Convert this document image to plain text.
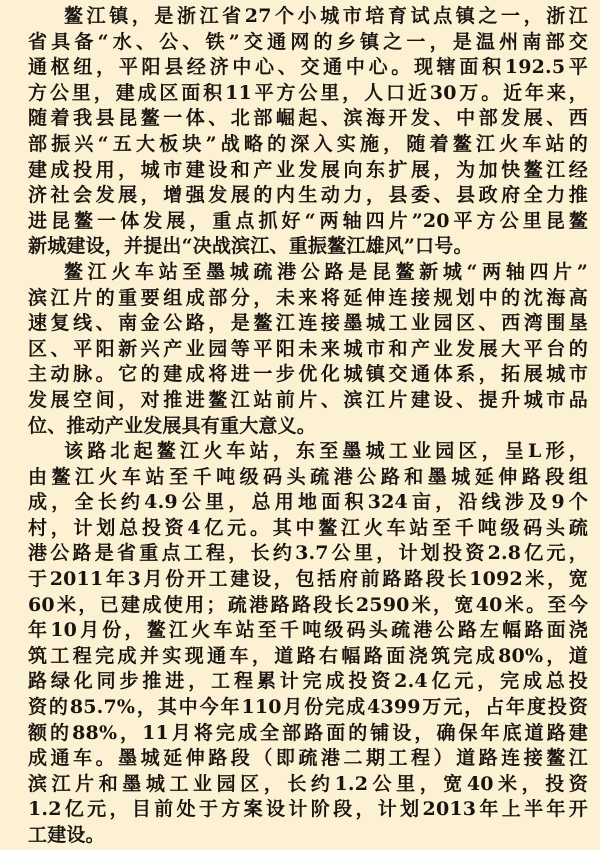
鳌江镇，是浙江省27个小城市培育试点镇之一，浙江
省具备“水、公、铁”交通网的乡镇之一，是温州南部交
通枢纽，平阳县经济中心、交通中心。现辖面积192.5平
方公里，建成区面积11平方公里，人口近30万。近年来，
随着我县昆鳌一体、北部崛起、滨海开发、中部发展、西
部振兴“五大板块”战略的深入实施，随着鳌江火车站的
建成投用，城市建设和产业发展向东扩展，为加快鳌江经
济社会发展，增强发展的内生动力，县委、县政府全力推
进昆鳌一体发展，重点抓好“两轴四片”20平方公里昆鳌
新城建设，并提出“决战滨江、重振鳌江雄风”口号。
鳌江火车站至墨城疏港公路是昆鳌新城“两轴四片”
滨江片的重要组成部分，未来将延伸连接规划中的沈海高
速复线、南金公路，是鳌江连接墨城工业园区、西湾围垦
区、平阳新兴产业园等平阳未来城市和产业发展大平台的
主动脉。它的建成将进一步优化城镇交通体系，拓展城市
发展空间，对推进鳌江站前片、滨江片建设、提升城市品
位、推动产业发展具有重大意义。
该路北起鳌江火车站，东至墨城工业园区，呈L形，
由鳌江火车站至千吨级码头疏港公路和墨城延伸路段组
成，全长约4.9公里，总用地面积324亩，沿线涉及9个
村，计划总投资4亿元。其中鳌江火车站至千吨级码头疏
港公路是省重点工程，长约3.7公里，计划投资2.8亿元，
于2011年3月份开工建设，包括府前路路段长1092米，宽
60米，已建成使用；疏港路路段长2590米，宽40米。至今
年10月份，鳌江火车站至千吨级码头疏港公路左幅路面浇
筑工程完成并实现通车，道路右幅路面浇筑完成80%，道
路绿化同步推进，工程累计完成投资2.4亿元，完成总投
资的85.7%，其中今年110月份完成4399万元，占年度投资
额的88%，11月将完成全部路面的铺设，确保年底道路建
成通车。墨城延伸路段（即疏港二期工程）道路连接鳌江
滨江片和墨城工业园区，长约1.2公里，宽40米，投资
1.2亿元，目前处于方案设计阶段，计划2013年上半年开
工建设。
